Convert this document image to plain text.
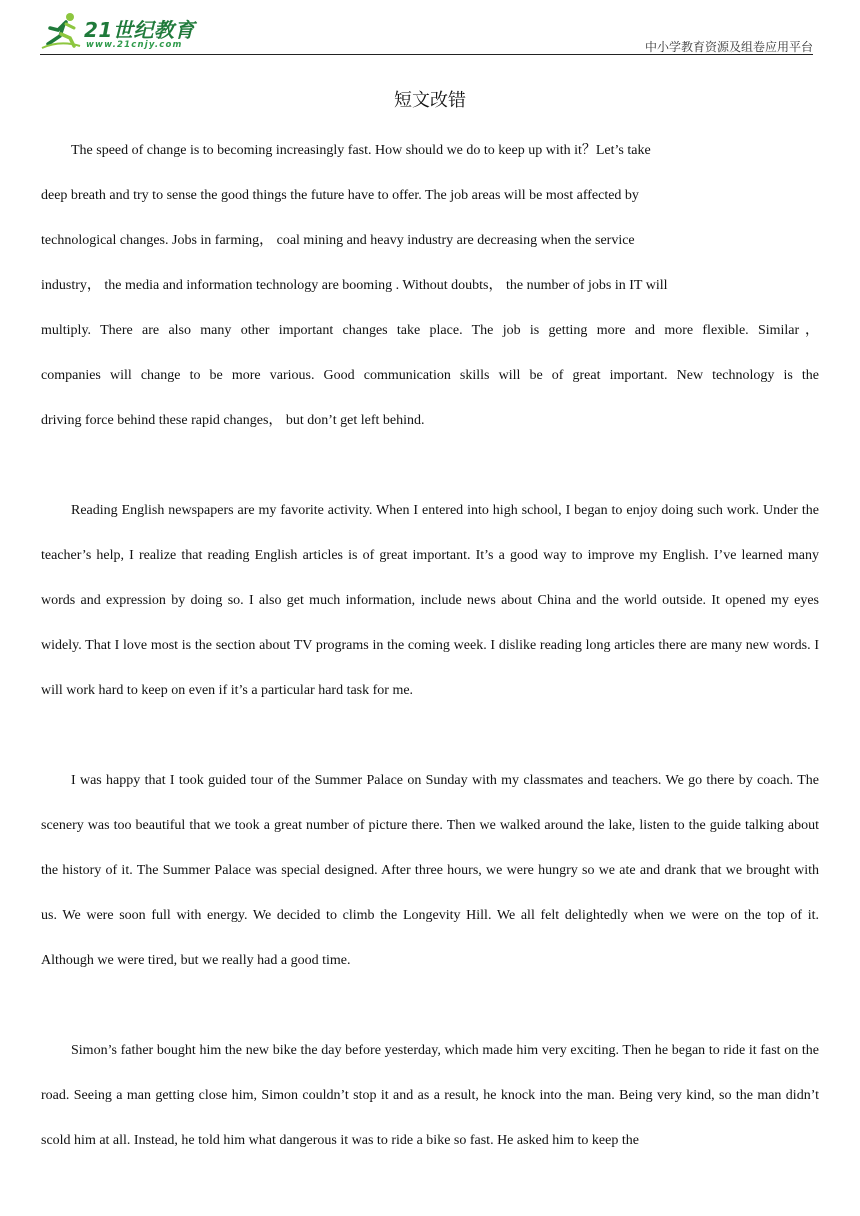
21世纪教育
www.21cnjy.com	中小学教育资源及组卷应用平台
短文改错
The speed of change is to becoming increasingly fast. How should we do to keep up with it？Let’s take
deep breath and try to sense the good things the future have to offer. The job areas will be most affected by
technological changes. Jobs in farming， coal mining and heavy industry are decreasing when the service
industry， the media and information technology are booming . Without doubts， the number of jobs in IT will
multiply. There are also many other important changes take place. The job is getting more and more flexible. Similar，
companies will change to be more various. Good communication skills will be of great important. New technology is the
driving force behind these rapid changes， but don’t get left behind.

Reading English newspapers are my favorite activity. When I entered into high school, I began to enjoy doing such work. Under the teacher’s help, I realize that reading English articles is of great important. It’s a good way to improve my English. I’ve learned many words and expression by doing so. I also get much information, include news about China and the world outside. It opened my eyes widely. That I love most is the section about TV programs in the coming week. I dislike reading long articles there are many new words. I will work hard to keep on even if it’s a particular hard task for me.

I was happy that I took guided tour of the Summer Palace on Sunday with my classmates and teachers. We go there by coach. The scenery was too beautiful that we took a great number of picture there. Then we walked around the lake, listen to the guide talking about the history of it. The Summer Palace was special designed. After three hours, we were hungry so we ate and drank that we brought with us. We were soon full with energy. We decided to climb the Longevity Hill. We all felt delightedly when we were on the top of it. Although we were tired, but we really had a good time.

Simon’s father bought him the new bike the day before yesterday, which made him very exciting. Then he began to ride it fast on the road. Seeing a man getting close him, Simon couldn’t stop it and as a result, he knock into the man. Being very kind, so the man didn’t scold him at all. Instead, he told him what dangerous it was to ride a bike so fast. He asked him to keep the
